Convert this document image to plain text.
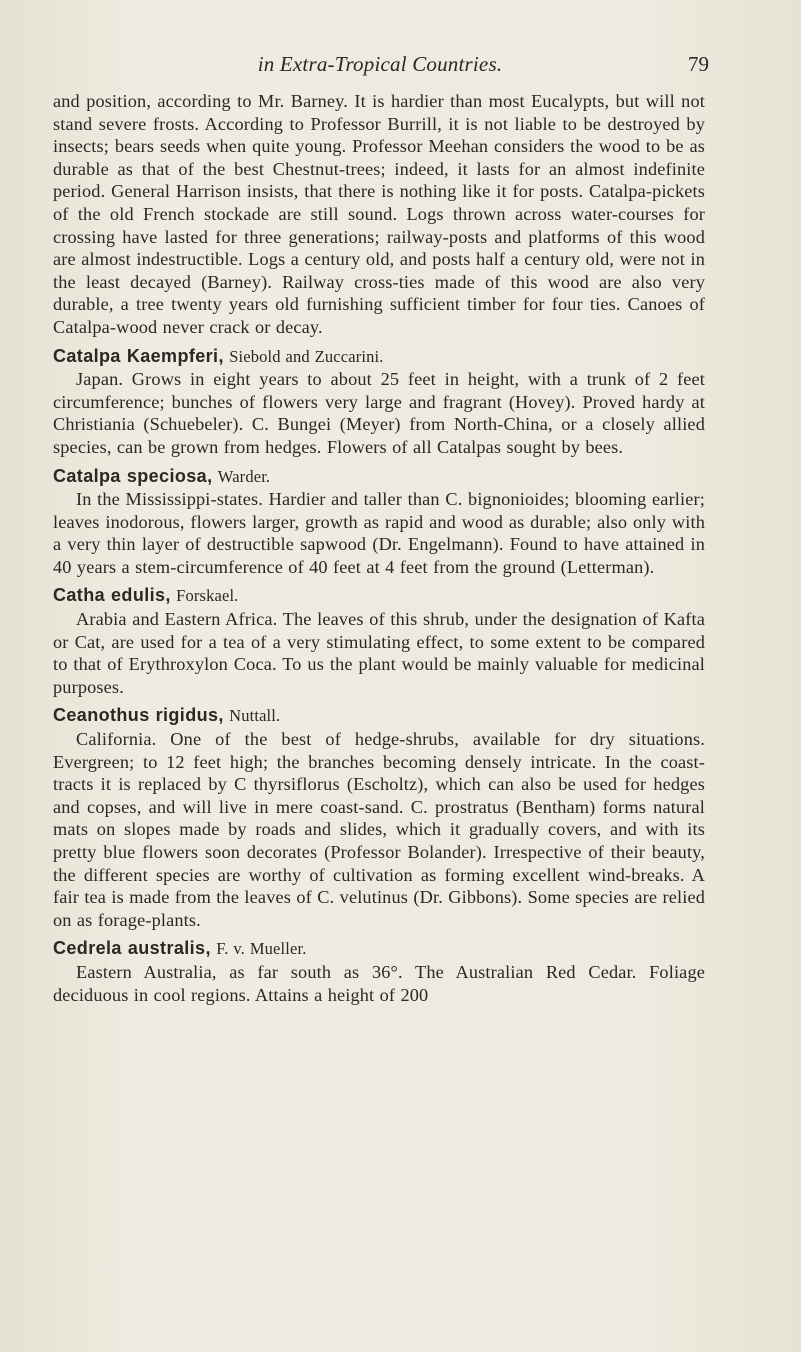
in Extra-Tropical Countries.	79

and position, according to Mr. Barney. It is hardier than most Eucalypts, but will not stand severe frosts. According to Professor Burrill, it is not liable to be destroyed by insects; bears seeds when quite young. Professor Meehan considers the wood to be as durable as that of the best Chestnut-trees; indeed, it lasts for an almost indefinite period. General Harrison insists, that there is nothing like it for posts. Catalpa-pickets of the old French stockade are still sound. Logs thrown across water-courses for crossing have lasted for three generations; railway-posts and platforms of this wood are almost indestructible. Logs a century old, and posts half a century old, were not in the least decayed (Barney). Railway cross-ties made of this wood are also very durable, a tree twenty years old furnishing sufficient timber for four ties. Canoes of Catalpa-wood never crack or decay.

Catalpa Kaempferi, Siebold and Zuccarini.

Japan. Grows in eight years to about 25 feet in height, with a trunk of 2 feet circumference; bunches of flowers very large and fragrant (Hovey). Proved hardy at Christiania (Schuebeler). C. Bungei (Meyer) from North-China, or a closely allied species, can be grown from hedges. Flowers of all Catalpas sought by bees.

Catalpa speciosa, Warder.

In the Mississippi-states. Hardier and taller than C. bignonioides; blooming earlier; leaves inodorous, flowers larger, growth as rapid and wood as durable; also only with a very thin layer of destructible sapwood (Dr. Engelmann). Found to have attained in 40 years a stem-circumference of 40 feet at 4 feet from the ground (Letterman).

Catha edulis, Forskael.

Arabia and Eastern Africa. The leaves of this shrub, under the designation of Kafta or Cat, are used for a tea of a very stimulating effect, to some extent to be compared to that of Erythroxylon Coca. To us the plant would be mainly valuable for medicinal purposes.

Ceanothus rigidus, Nuttall.

California. One of the best of hedge-shrubs, available for dry situations. Evergreen; to 12 feet high; the branches becoming densely intricate. In the coast-tracts it is replaced by C thyrsiflorus (Escholtz), which can also be used for hedges and copses, and will live in mere coast-sand. C. prostratus (Bentham) forms natural mats on slopes made by roads and slides, which it gradually covers, and with its pretty blue flowers soon decorates (Professor Bolander). Irrespective of their beauty, the different species are worthy of cultivation as forming excellent wind-breaks. A fair tea is made from the leaves of C. velutinus (Dr. Gibbons). Some species are relied on as forage-plants.

Cedrela australis, F. v. Mueller.

Eastern Australia, as far south as 36°. The Australian Red Cedar. Foliage deciduous in cool regions. Attains a height of 200
